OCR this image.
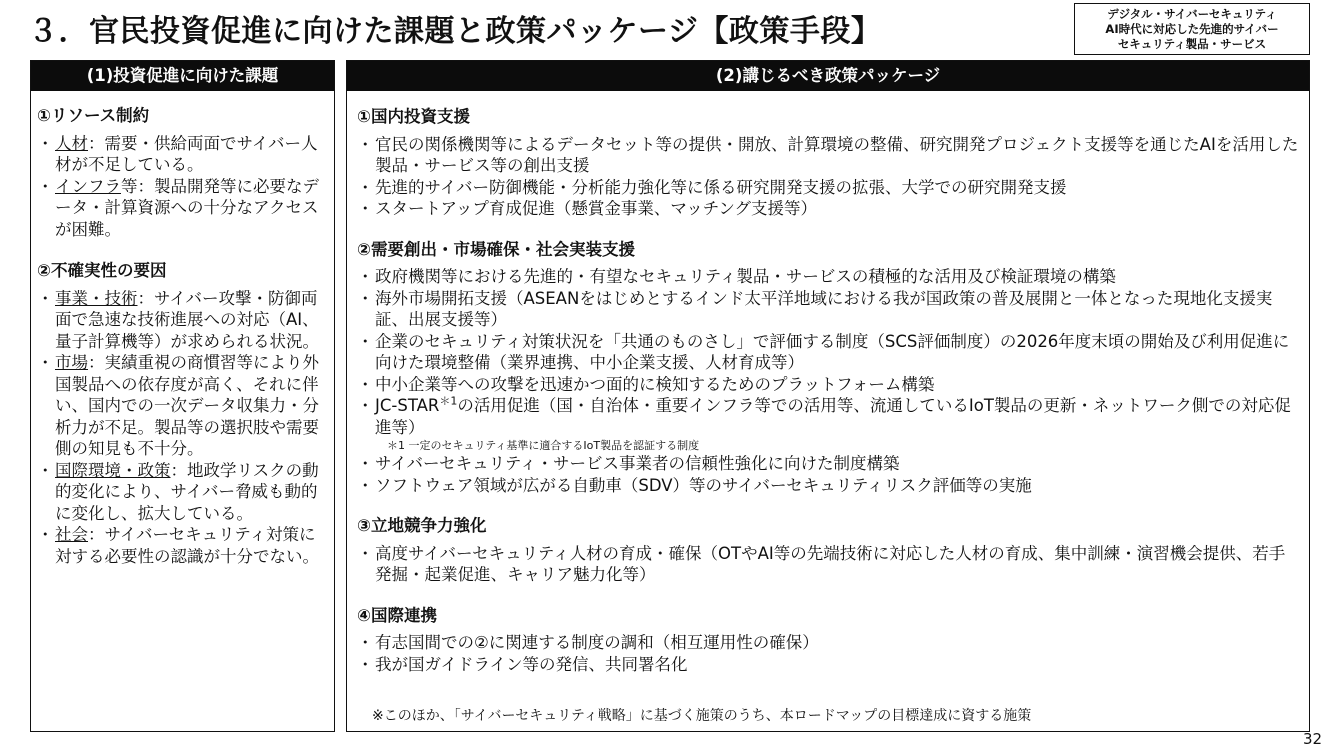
３．官民投資促進に向けた課題と政策パッケージ【政策手段】	デジタル・サイバーセキュリティ
AI時代に対応した先進的サイバー
セキュリティ製品・サービス
(1)投資促進に向けた課題
①リソース制約
・ 人材：需要・供給両面でサイバー人材が不足している。
・ インフラ等：製品開発等に必要なデータ・計算資源への十分なアクセスが困難。
②不確実性の要因
・ 事業・技術：サイバー攻撃・防御両面で急速な技術進展への対応（AI、量子計算機等）が求められる状況。
・ 市場：実績重視の商慣習等により外国製品への依存度が高く、それに伴い、国内での一次データ収集力・分析力が不足。製品等の選択肢や需要側の知見も不十分。
・ 国際環境・政策：地政学リスクの動的変化により、サイバー脅威も動的に変化し、拡大している。
・ 社会：サイバーセキュリティ対策に対する必要性の認識が十分でない。
(2)講じるべき政策パッケージ
①国内投資支援
・ 官民の関係機関等によるデータセット等の提供・開放、計算環境の整備、研究開発プロジェクト支援等を通じたAIを活用した製品・サービス等の創出支援
・ 先進的サイバー防御機能・分析能力強化等に係る研究開発支援の拡張、大学での研究開発支援
・ スタートアップ育成促進（懸賞金事業、マッチング支援等）
②需要創出・市場確保・社会実装支援
・ 政府機関等における先進的・有望なセキュリティ製品・サービスの積極的な活用及び検証環境の構築
・ 海外市場開拓支援（ASEANをはじめとするインド太平洋地域における我が国政策の普及展開と一体となった現地化支援実証、出展支援等）
・ 企業のセキュリティ対策状況を「共通のものさし」で評価する制度（SCS評価制度）の2026年度末頃の開始及び利用促進に向けた環境整備（業界連携、中小企業支援、人材育成等）
・ 中小企業等への攻撃を迅速かつ面的に検知するためのプラットフォーム構築
・ $JC-STAR^{*1}$の活用促進（国・自治体・重要インフラ等での活用等、流通しているIoT製品の更新・ネットワーク側での対応促進等）
＊1 一定のセキュリティ基準に適合するIoT製品を認証する制度
・ サイバーセキュリティ・サービス事業者の信頼性強化に向けた制度構築
・ ソフトウェア領域が広がる自動車（SDV）等のサイバーセキュリティリスク評価等の実施
③立地競争力強化
・ 高度サイバーセキュリティ人材の育成・確保（OTやAI等の先端技術に対応した人材の育成、集中訓練・演習機会提供、若手発掘・起業促進、キャリア魅力化等）
④国際連携
・ 有志国間での②に関連する制度の調和（相互運用性の確保）
・ 我が国ガイドライン等の発信、共同署名化
※このほか、「サイバーセキュリティ戦略」に基づく施策のうち、本ロードマップの目標達成に資する施策
32
